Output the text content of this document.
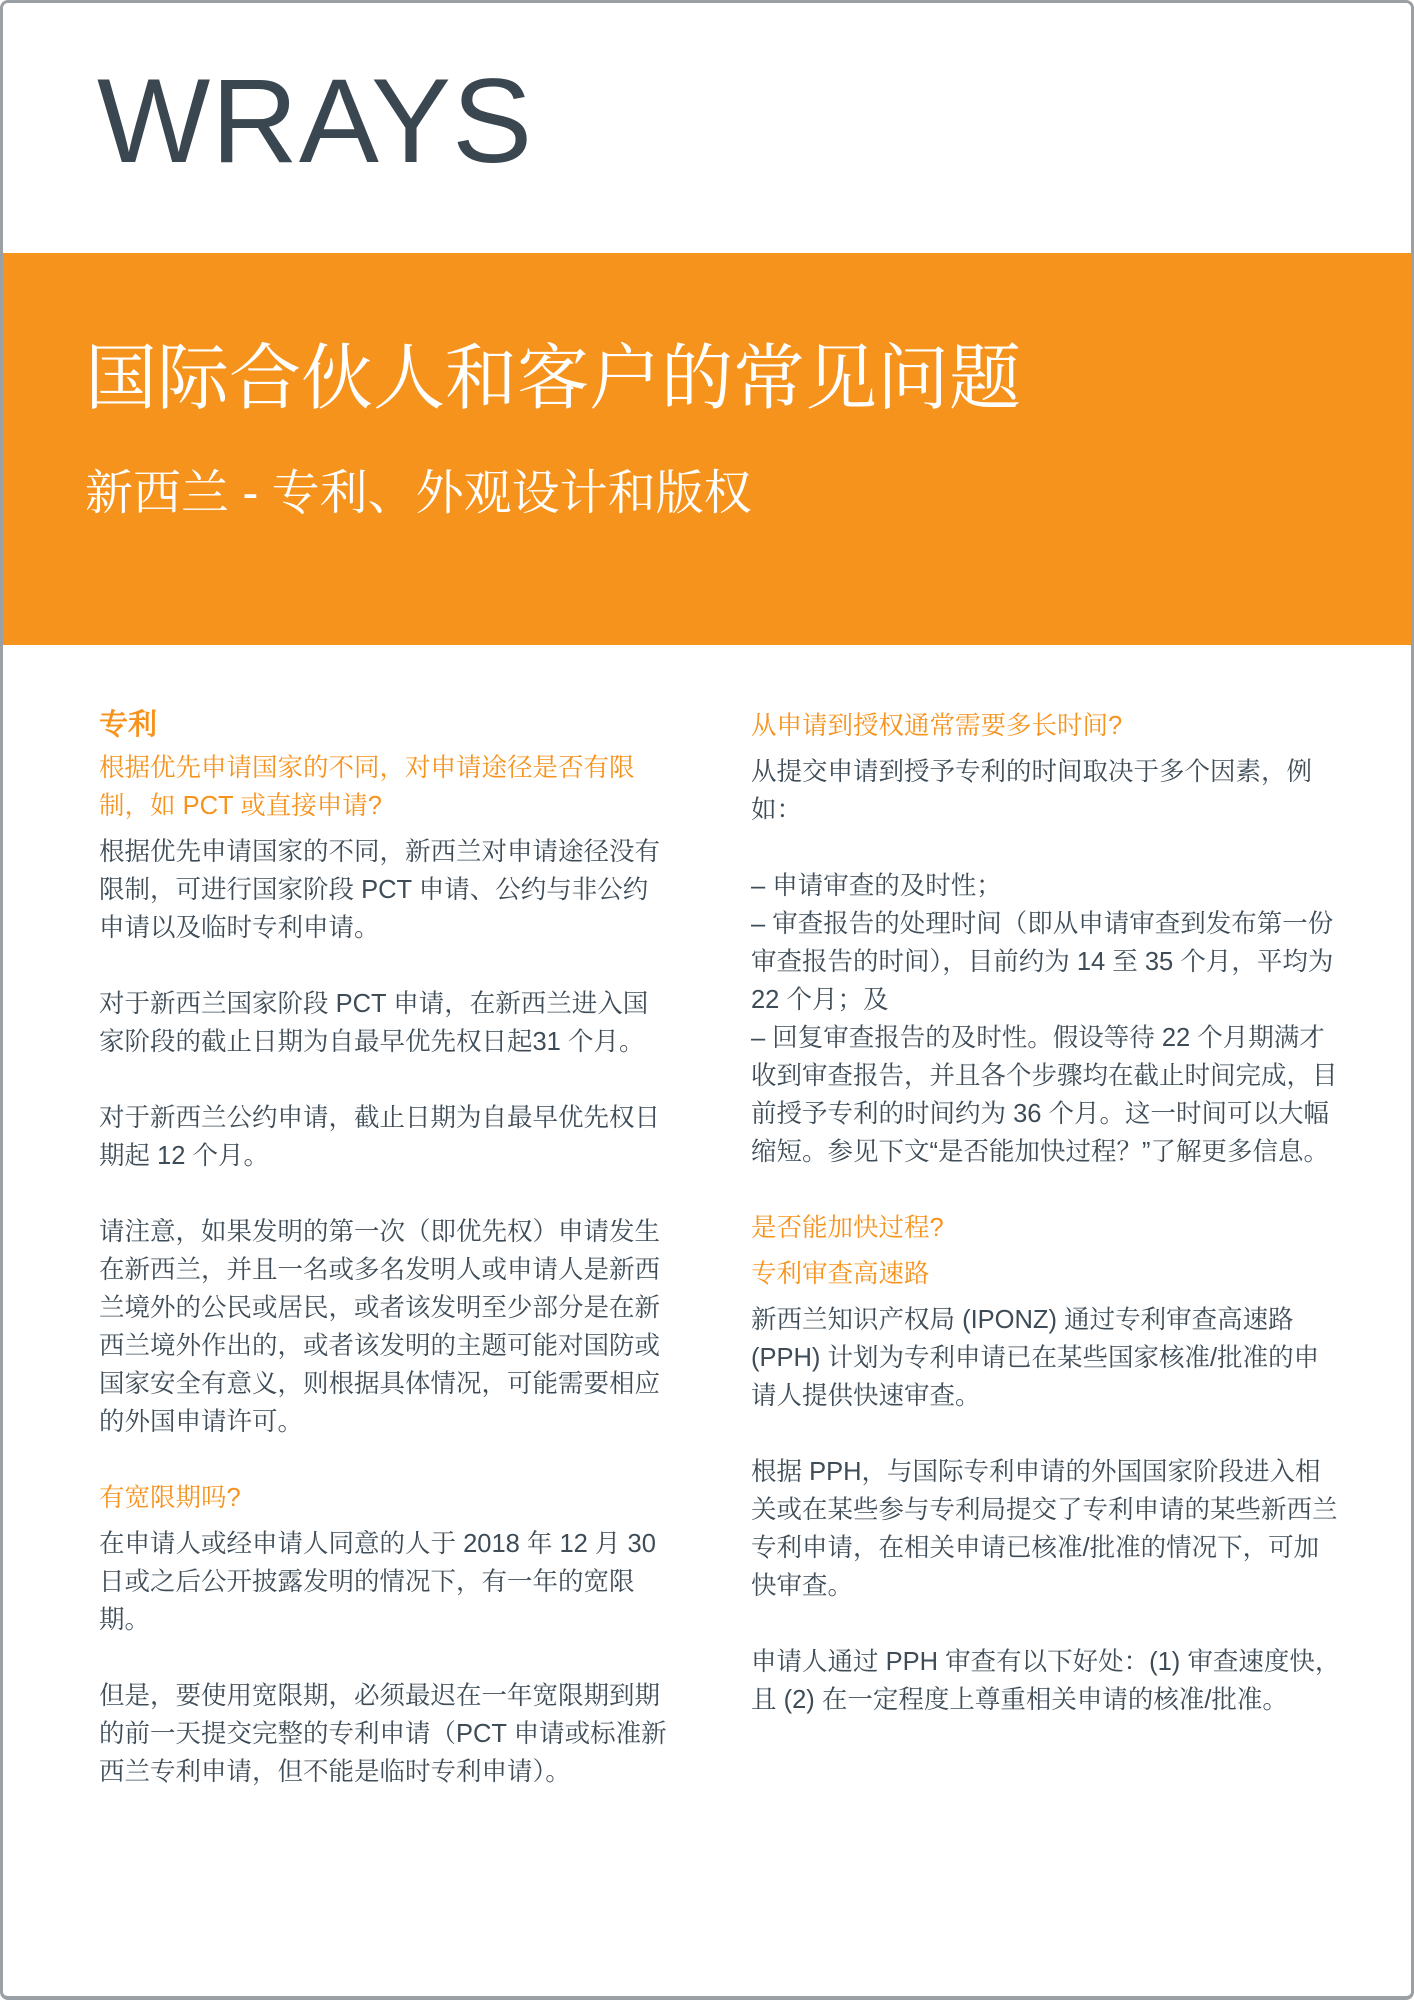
WRAYS
国际合伙人和客户的常见问题
新西兰 - 专利、外观设计和版权
专利
根据优先申请国家的不同，对申请途径是否有限制，如 PCT 或直接申请?

根据优先申请国家的不同，新西兰对申请途径没有限制，可进行国家阶段 PCT 申请、公约与非公约申请以及临时专利申请。

对于新西兰国家阶段 PCT 申请，在新西兰进入国家阶段的截止日期为自最早优先权日起31 个月。

对于新西兰公约申请，截止日期为自最早优先权日期起 12 个月。

请注意，如果发明的第一次（即优先权）申请发生在新西兰，并且一名或多名发明人或申请人是新西兰境外的公民或居民，或者该发明至少部分是在新西兰境外作出的，或者该发明的主题可能对国防或国家安全有意义，则根据具体情况，可能需要相应的外国申请许可。

有宽限期吗?

在申请人或经申请人同意的人于 2018 年 12 月 30 日或之后公开披露发明的情况下，有一年的宽限期。

但是，要使用宽限期，必须最迟在一年宽限期到期的前一天提交完整的专利申请（PCT 申请或标准新西兰专利申请，但不能是临时专利申请）。

从申请到授权通常需要多长时间?

从提交申请到授予专利的时间取决于多个因素，例如：

– 申请审查的及时性；

– 审查报告的处理时间（即从申请审查到发布第一份审查报告的时间），目前约为 14 至 35 个月，平均为 22 个月；及

– 回复审查报告的及时性。假设等待 22 个月期满才收到审查报告，并且各个步骤均在截止时间完成，目前授予专利的时间约为 36 个月。这一时间可以大幅缩短。参见下文“是否能加快过程？”了解更多信息。

是否能加快过程?
专利审查高速路

新西兰知识产权局 (IPONZ) 通过专利审查高速路 (PPH) 计划为专利申请已在某些国家核准/批准的申请人提供快速审查。

根据 PPH，与国际专利申请的外国国家阶段进入相关或在某些参与专利局提交了专利申请的某些新西兰专利申请，在相关申请已核准/批准的情况下，可加快审查。

申请人通过 PPH 审查有以下好处：(1) 审查速度快，且 (2) 在一定程度上尊重相关申请的核准/批准。
